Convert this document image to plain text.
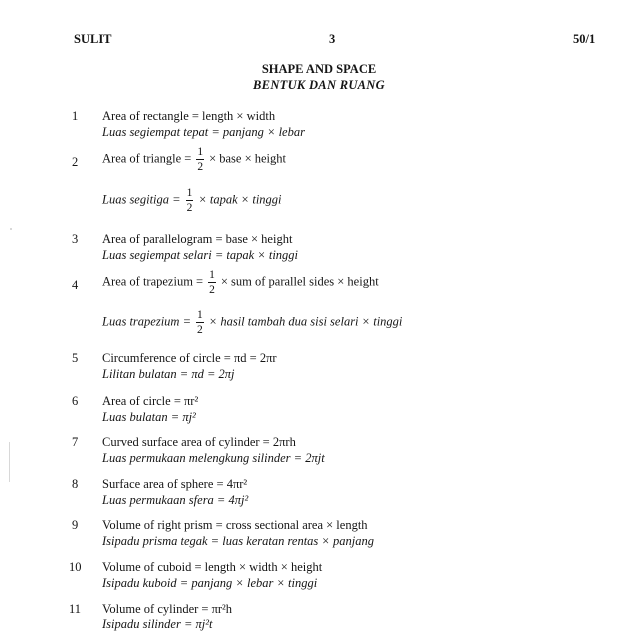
SULIT	3	50/1
SHAPE AND SPACE
BENTUK DAN RUANG
1 Area of rectangle = length × width
Luas segiempat tepat = panjang × lebar
2 Area of triangle = $\frac{1}{2}$ × base × height
Luas segitiga = $\frac{1}{2}$ × tapak × tinggi
3 Area of parallelogram = base × height
Luas segiempat selari = tapak × tinggi
4 Area of trapezium = $\frac{1}{2}$ × sum of parallel sides × height
Luas trapezium = $\frac{1}{2}$ × hasil tambah dua sisi selari × tinggi
5 Circumference of circle = πd = 2πr
Lilitan bulatan = πd = 2πj
6 Area of circle = πr²
Luas bulatan = πj²
7 Curved surface area of cylinder = 2πrh
Luas permukaan melengkung silinder = 2πjt
8 Surface area of sphere = 4πr²
Luas permukaan sfera = 4πj²
9 Volume of right prism = cross sectional area × length
Isipadu prisma tegak = luas keratan rentas × panjang
10 Volume of cuboid = length × width × height
Isipadu kuboid = panjang × lebar × tinggi
11 Volume of cylinder = πr²h
Isipadu silinder = πj²t
